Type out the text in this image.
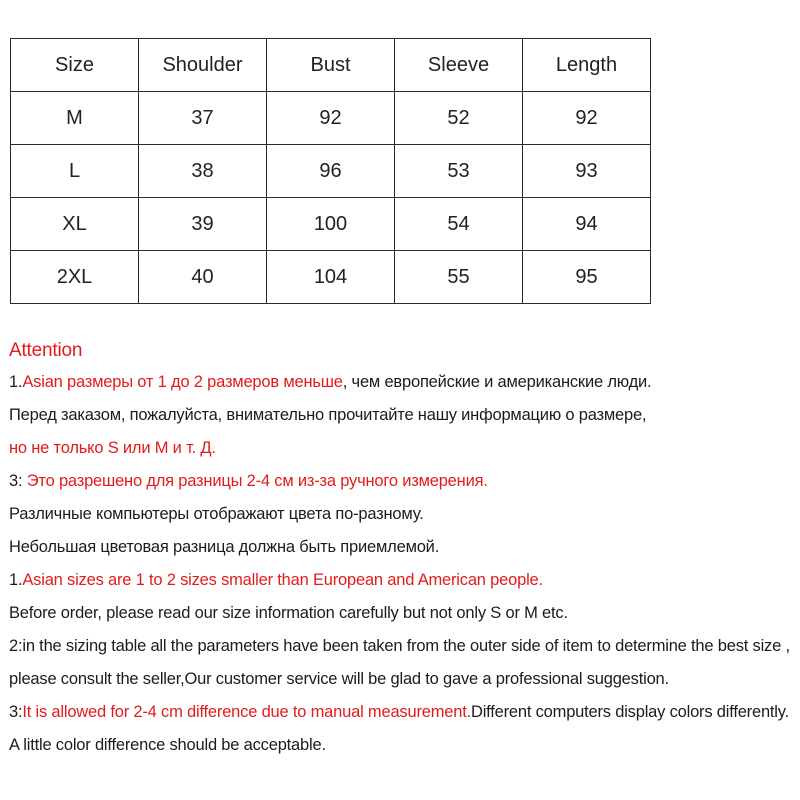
Size	Shoulder	Bust	Sleeve	Length
M	37	92	52	92
L	38	96	53	93
XL	39	100	54	94
2XL	40	104	55	95
Attention
1.Asian размеры от 1 до 2 размеров меньше, чем европейские и американские люди.
Перед заказом, пожалуйста, внимательно прочитайте нашу информацию о размере,
но не только S или M и т. Д.
3: Это разрешено для разницы 2-4 см из-за ручного измерения.
Различные компьютеры отображают цвета по-разному.
Небольшая цветовая разница должна быть приемлемой.
1.Asian sizes are 1 to 2 sizes smaller than European and American people.
Before order, please read our size information carefully but not only S or M etc.
2:in the sizing table all the parameters have been taken from the outer side of item to determine the best size ,
please consult the seller,Our customer service will be glad to gave a professional suggestion.
3:It is allowed for 2-4 cm difference due to manual measurement.Different computers display colors differently.
A little color difference should be acceptable.
